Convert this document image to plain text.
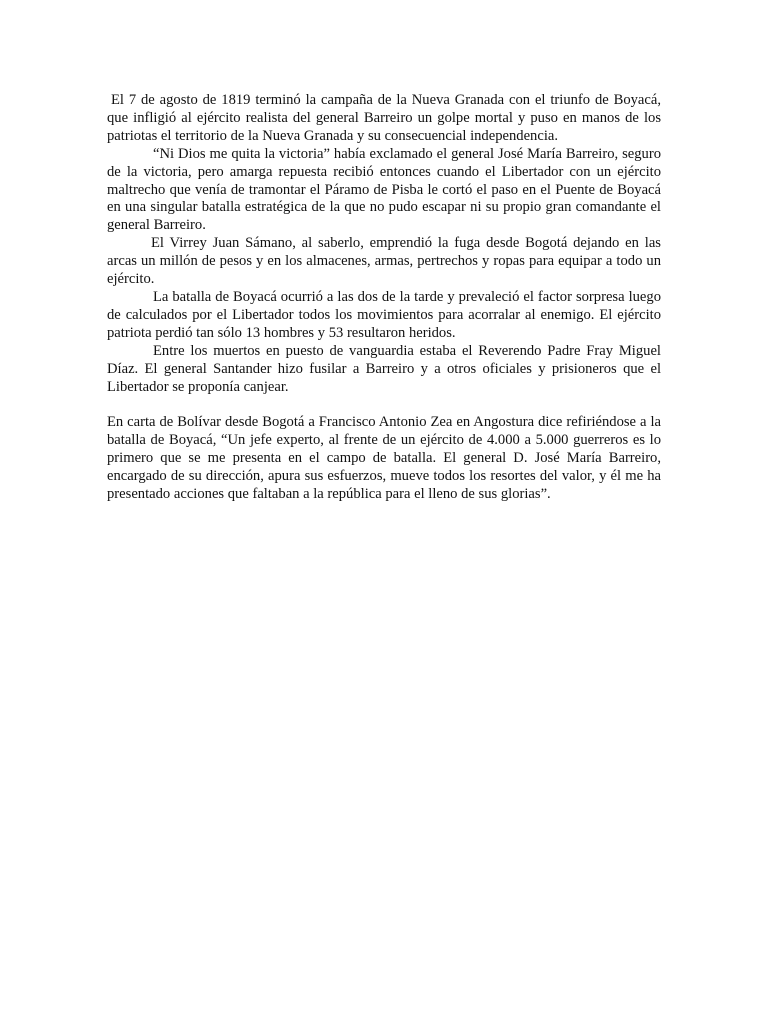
El 7 de agosto de 1819 terminó la campaña de la Nueva Granada con el triunfo de Boyacá, que infligió al ejército realista del general Barreiro un golpe mortal y puso en manos de los patriotas el territorio de la Nueva Granada y su consecuencial independencia.

“Ni Dios me quita la victoria” había exclamado el general José María Barreiro, seguro de la victoria, pero amarga repuesta recibió entonces cuando el Libertador con un ejército maltrecho que venía de tramontar el Páramo de Pisba le cortó el paso en el Puente de Boyacá en una singular batalla estratégica de la que no pudo escapar ni su propio gran comandante el general Barreiro.

El Virrey Juan Sámano, al saberlo, emprendió la fuga desde Bogotá dejando en las arcas un millón de pesos y en los almacenes, armas, pertrechos y ropas para equipar a todo un ejército.

La batalla de Boyacá ocurrió a las dos de la tarde y prevaleció el factor sorpresa luego de calculados por el Libertador todos los movimientos para acorralar al enemigo. El ejército patriota perdió tan sólo 13 hombres y 53 resultaron heridos.

Entre los muertos en puesto de vanguardia estaba el Reverendo Padre Fray Miguel Díaz. El general Santander hizo fusilar a Barreiro y a otros oficiales y prisioneros que el Libertador se proponía canjear.

En carta de Bolívar desde Bogotá a Francisco Antonio Zea en Angostura dice refiriéndose a la batalla de Boyacá, “Un jefe experto, al frente de un ejército de 4.000 a 5.000 guerreros es lo primero que se me presenta en el campo de batalla. El general D. José María Barreiro, encargado de su dirección, apura sus esfuerzos, mueve todos los resortes del valor, y él me ha presentado acciones que faltaban a la república para el lleno de sus glorias”.
